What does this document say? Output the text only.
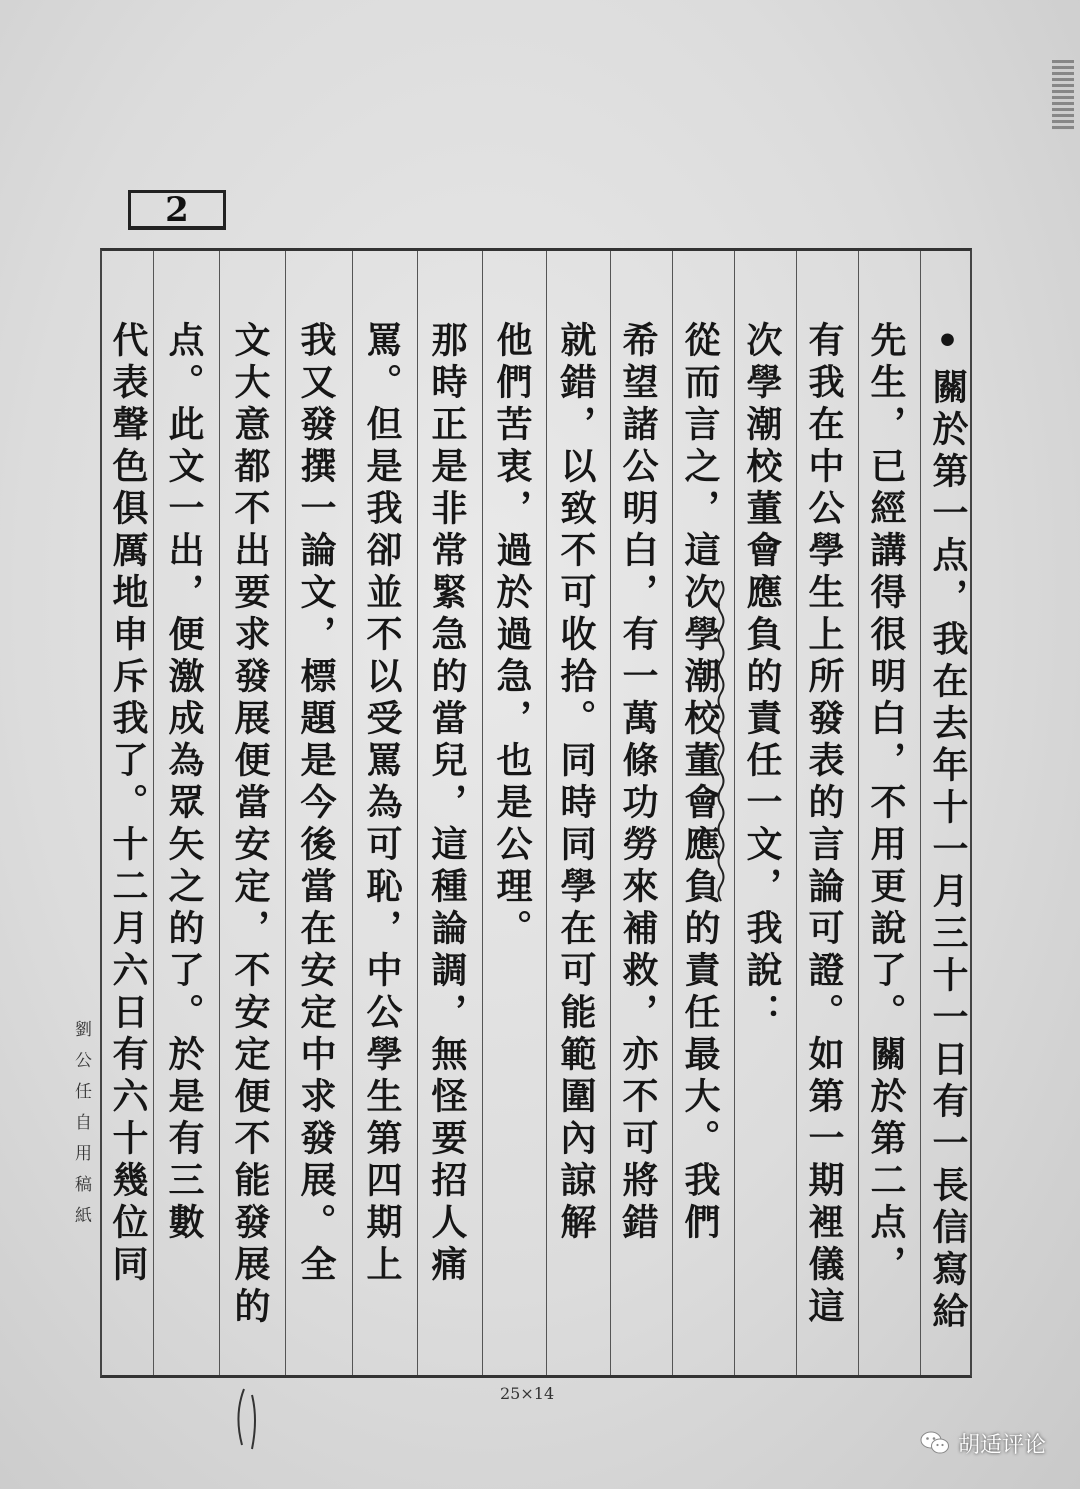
2
•關於第一点，我在去年十一月三十一日有一長信寫給
先生，已經講得很明白，不用更說了。關於第二点，
有我在中公學生上所發表的言論可證。如第一期裡儀這
次學潮校董會應負的責任一文，我說：
從而言之，這次學潮校董會應負的責任最大。我們
希望諸公明白，有一萬條功勞來補救，亦不可將錯
就錯，以致不可收拾。同時同學在可能範圍內諒解
他們苦衷，過於過急，也是公理。
那時正是非常緊急的當兒，這種論調，無怪要招人痛
罵。但是我卻並不以受罵為可恥，中公學生第四期上
我又發撰一論文，標題是今後當在安定中求發展。全
文大意都不出要求發展便當安定，不安定便不能發展的
点。此文一出，便激成為眾矢之的了。於是有三數
代表聲色俱厲地申斥我了。十二月六日有六十幾位同
劉公任自用稿紙
25×14
胡适评论
